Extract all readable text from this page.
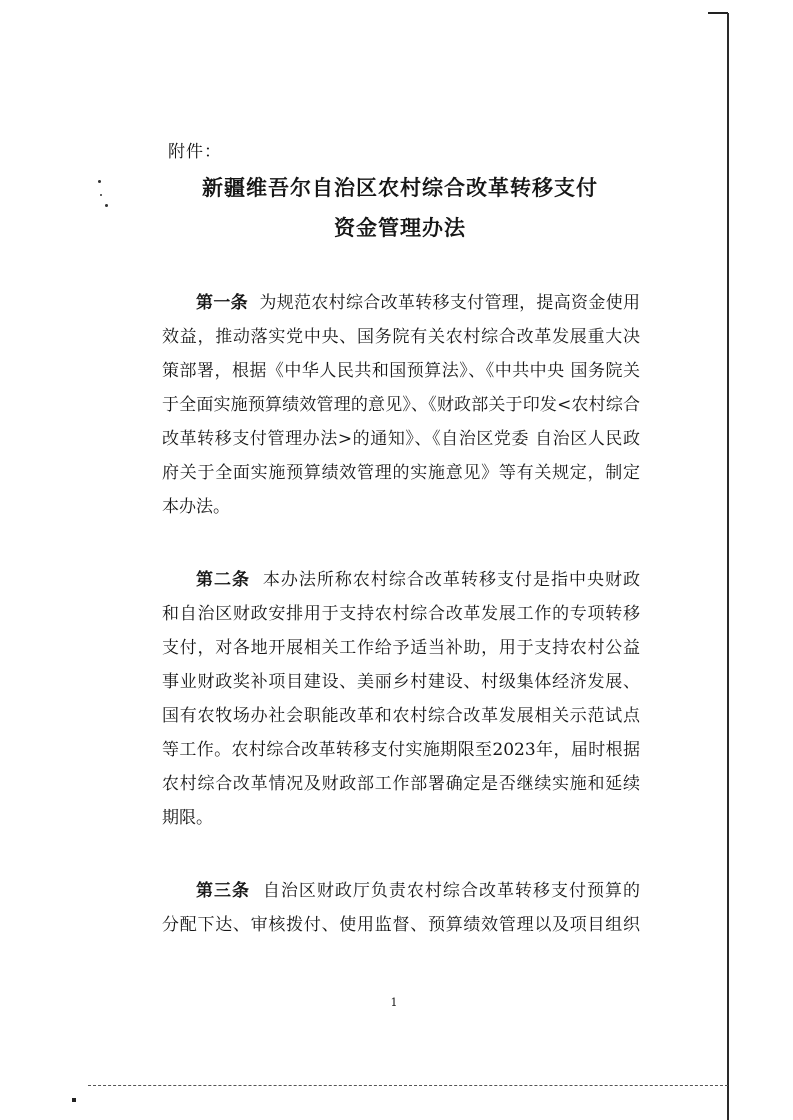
附件：
新疆维吾尔自治区农村综合改革转移支付
资金管理办法
第一条 为规范农村综合改革转移支付管理，提高资金使用
效益，推动落实党中央、国务院有关农村综合改革发展重大决
策部署，根据《中华人民共和国预算法》、《中共中央 国务院关
于全面实施预算绩效管理的意见》、《财政部关于印发<农村综合
改革转移支付管理办法>的通知》、《自治区党委 自治区人民政
府关于全面实施预算绩效管理的实施意见》等有关规定，制定
本办法。
第二条 本办法所称农村综合改革转移支付是指中央财政
和自治区财政安排用于支持农村综合改革发展工作的专项转移
支付，对各地开展相关工作给予适当补助，用于支持农村公益
事业财政奖补项目建设、美丽乡村建设、村级集体经济发展、
国有农牧场办社会职能改革和农村综合改革发展相关示范试点
等工作。农村综合改革转移支付实施期限至2023年，届时根据
农村综合改革情况及财政部工作部署确定是否继续实施和延续
期限。
第三条 自治区财政厅负责农村综合改革转移支付预算的
分配下达、审核拨付、使用监督、预算绩效管理以及项目组织
1
